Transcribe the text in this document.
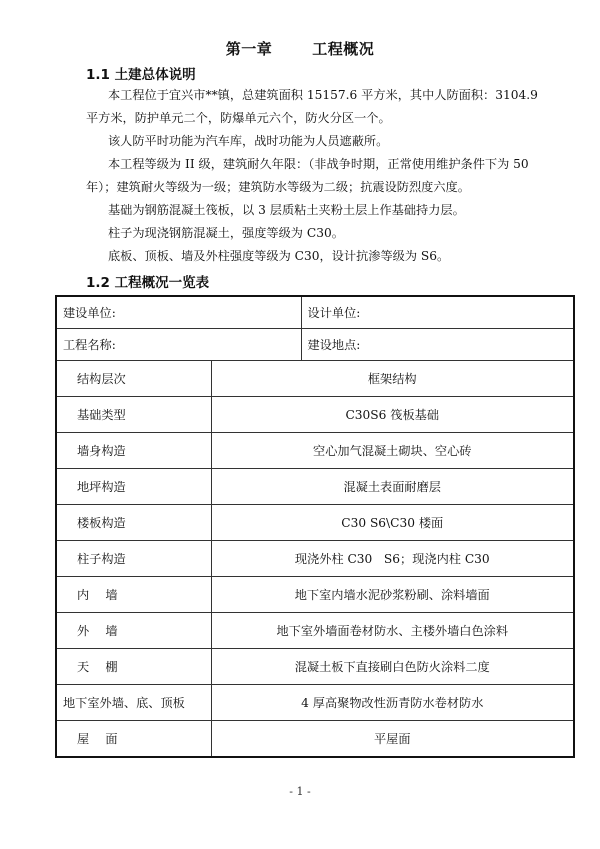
第一章	工程概况
1.1 土建总体说明
本工程位于宜兴市**镇，总建筑面积 15157.6 平方米，其中人防面积：3104.9 平方米，防护单元二个，防爆单元六个，防火分区一个。
该人防平时功能为汽车库，战时功能为人员遮蔽所。
本工程等级为 II 级，建筑耐久年限：（非战争时期，正常使用维护条件下为 50 年）；建筑耐火等级为一级；建筑防水等级为二级；抗震设防烈度六度。
基础为钢筋混凝土筏板，以 3 层质粘土夹粉土层上作基础持力层。
柱子为现浇钢筋混凝土，强度等级为 C30。
底板、顶板、墙及外柱强度等级为 C30，设计抗渗等级为 S6。
1.2 工程概况一览表
建设单位:		设计单位:
工程名称:		建设地点:
结构层次	框架结构	
基础类型	C30S6 筏板基础	
墙身构造	空心加气混凝土砌块、空心砖	
地坪构造	混凝土表面耐磨层	
楼板构造	C30 S6\C30 楼面	
柱子构造	现浇外柱 C30   S6；现浇内柱 C30	
内　墙	地下室内墙水泥砂浆粉刷、涂料墙面	
外　墙	地下室外墙面卷材防水、主楼外墙白色涂料	
天　棚	混凝土板下直接刷白色防火涂料二度	
地下室外墙、底、顶板	4 厚高聚物改性沥青防水卷材防水	
屋　面	平屋面	
- 1 -
